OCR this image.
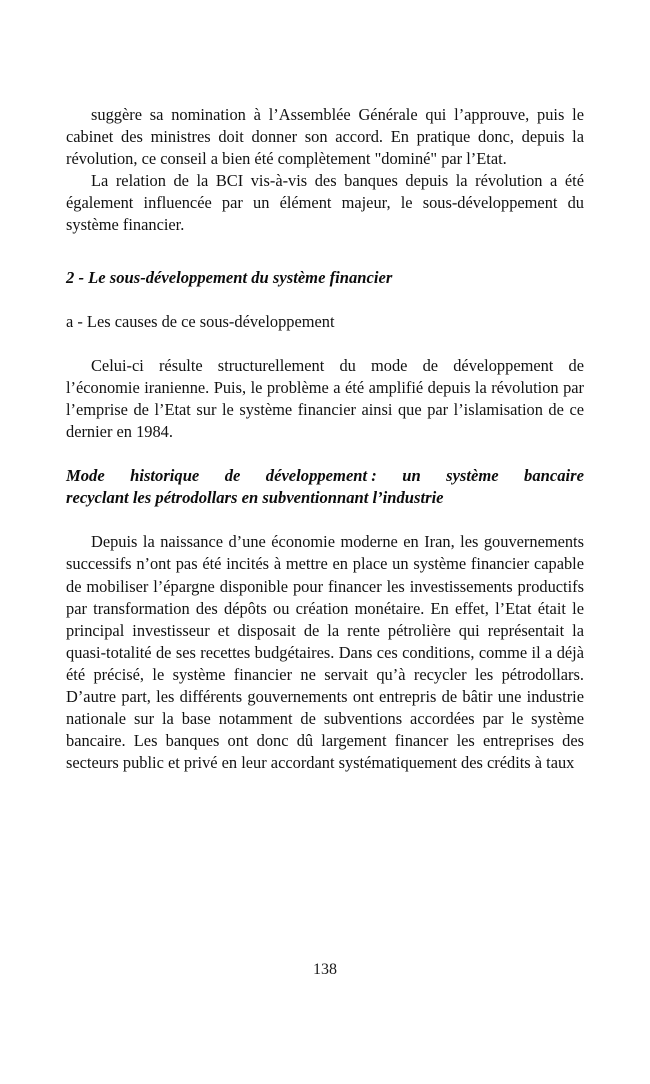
suggère sa nomination à l’Assemblée Générale qui l’approuve, puis le cabinet des ministres doit donner son accord. En pratique donc, depuis la révolution, ce conseil a bien été complètement "dominé" par l’Etat.

La relation de la BCI vis-à-vis des banques depuis la révolution a été également influencée par un élément majeur, le sous-développement du système financier.

2 - Le sous-développement du système financier

a - Les causes de ce sous-développement

Celui-ci résulte structurellement du mode de développement de l’économie iranienne. Puis, le problème a été amplifié depuis la révolution par l’emprise de l’Etat sur le système financier ainsi que par l’islamisation de ce dernier en 1984.

Mode historique de développement : un système bancaire
recyclant les pétrodollars en subventionnant l’industrie

Depuis la naissance d’une économie moderne en Iran, les gouvernements successifs n’ont pas été incités à mettre en place un système financier capable de mobiliser l’épargne disponible pour financer les investissements productifs par transformation des dépôts ou création monétaire. En effet, l’Etat était le principal investisseur et disposait de la rente pétrolière qui représentait la quasi-totalité de ses recettes budgétaires. Dans ces conditions, comme il a déjà été précisé, le système financier ne servait qu’à recycler les pétrodollars. D’autre part, les différents gouvernements ont entrepris de bâtir une industrie nationale sur la base notamment de subventions accordées par le système bancaire. Les banques ont donc dû largement financer les entreprises des secteurs public et privé en leur accordant systématiquement des crédits à taux

138
